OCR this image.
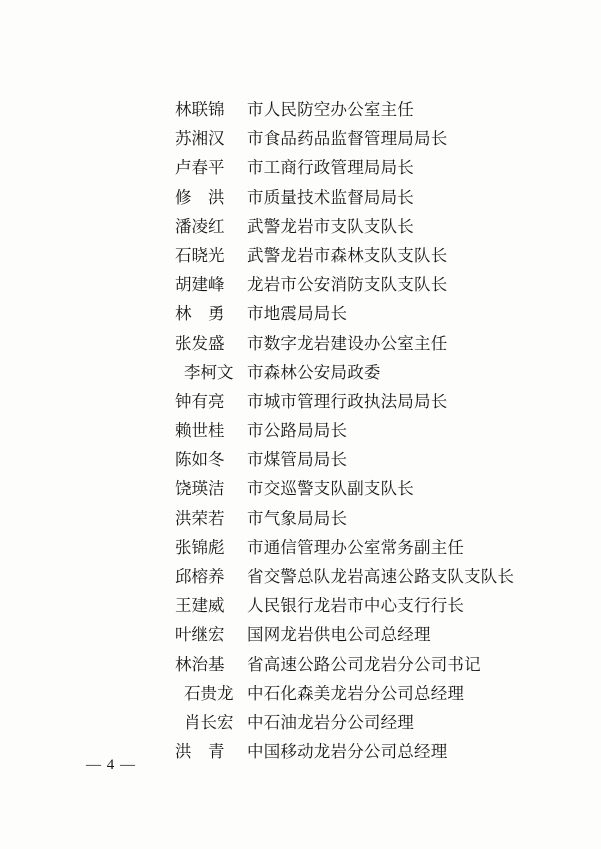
林联锦	市人民防空办公室主任
苏湘汉	市食品药品监督管理局局长
卢春平	市工商行政管理局局长
修　洪	市质量技术监督局局长
潘凌红	武警龙岩市支队支队长
石晓光	武警龙岩市森林支队支队长
胡建峰	龙岩市公安消防支队支队长
林　勇	市地震局局长
张发盛	市数字龙岩建设办公室主任
李柯文 市森林公安局政委
钟有亮	市城市管理行政执法局局长
赖世桂	市公路局局长
陈如冬	市煤管局局长
饶瑛洁	市交巡警支队副支队长
洪荣若	市气象局局长
张锦彪	市通信管理办公室常务副主任
邱榕养	省交警总队龙岩高速公路支队支队长
王建威	人民银行龙岩市中心支行行长
叶继宏	国网龙岩供电公司总经理
林治基	省高速公路公司龙岩分公司书记
石贵龙 中石化森美龙岩分公司总经理
肖长宏 中石油龙岩分公司经理
洪　青	中国移动龙岩分公司总经理
— 4 —
